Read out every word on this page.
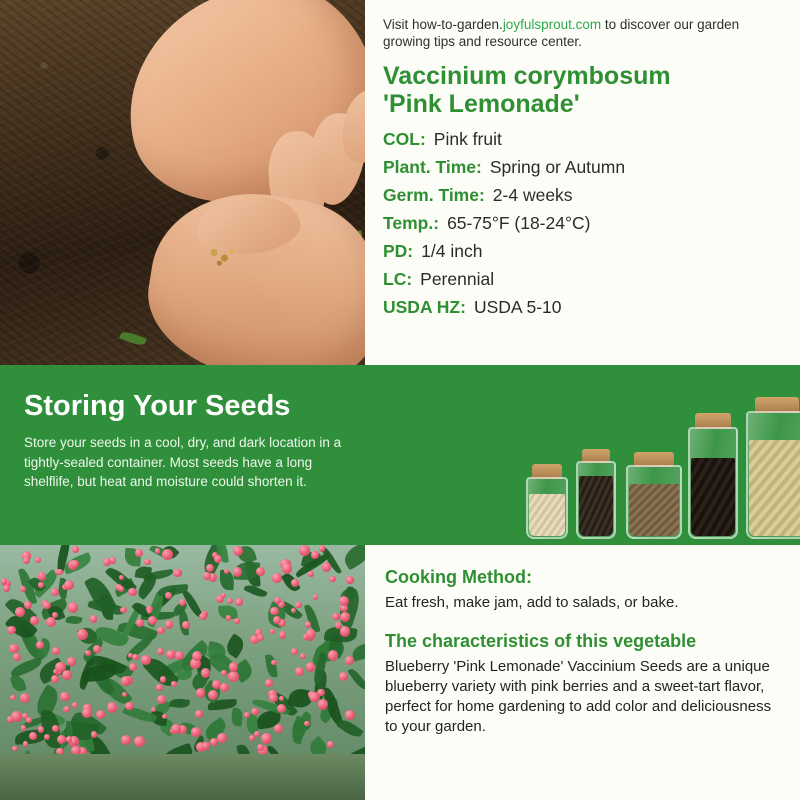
Visit how-to-garden.joyfulsprout.com to discover our garden growing tips and resource center.
Vaccinium corymbosum
'Pink Lemonade'
COL: Pink fruit
Plant. Time: Spring or Autumn
Germ. Time: 2-4 weeks
Temp.: 65-75°F (18-24°C)
PD: 1/4 inch
LC: Perennial
USDA HZ: USDA 5-10
Storing Your Seeds
Store your seeds in a cool, dry, and dark location in a tightly-sealed container. Most seeds have a long shelflife, but heat and moisture could shorten it.
Cooking Method:
Eat fresh, make jam, add to salads, or bake.
The characteristics of this vegetable
Blueberry 'Pink Lemonade' Vaccinium Seeds are a unique blueberry variety with pink berries and a sweet-tart flavor, perfect for home gardening to add color and deliciousness to your garden.
